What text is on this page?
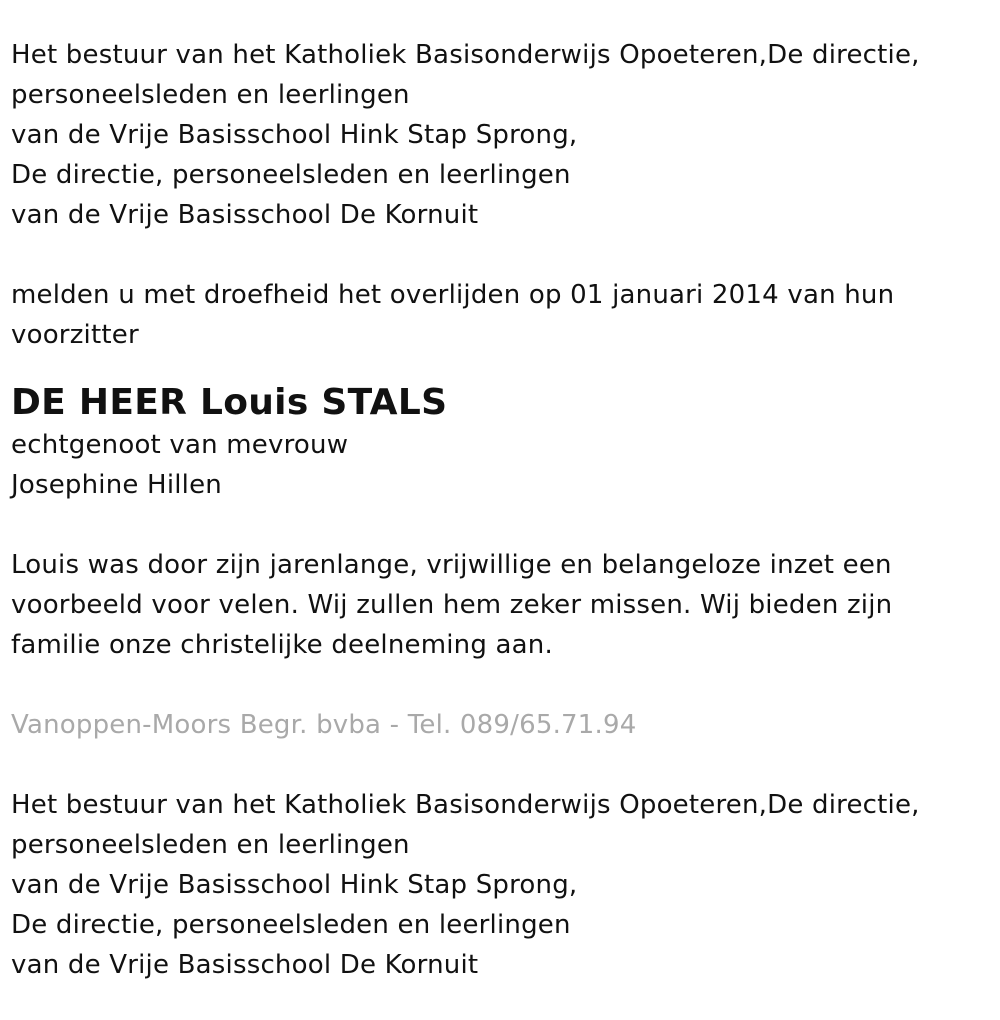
Het bestuur van het Katholiek Basisonderwijs Opoeteren,De directie,
personeelsleden en leerlingen
van de Vrije Basisschool Hink Stap Sprong,
De directie, personeelsleden en leerlingen
van de Vrije Basisschool De Kornuit
melden u met droefheid het overlijden op 01 januari 2014 van hun
voorzitter
DE HEER Louis STALS
echtgenoot van mevrouw
Josephine Hillen
Louis was door zijn jarenlange, vrijwillige en belangeloze inzet een
voorbeeld voor velen. Wij zullen hem zeker missen. Wij bieden zijn
familie onze christelijke deelneming aan.
Vanoppen-Moors Begr. bvba - Tel. 089/65.71.94
Het bestuur van het Katholiek Basisonderwijs Opoeteren,De directie,
personeelsleden en leerlingen
van de Vrije Basisschool Hink Stap Sprong,
De directie, personeelsleden en leerlingen
van de Vrije Basisschool De Kornuit
